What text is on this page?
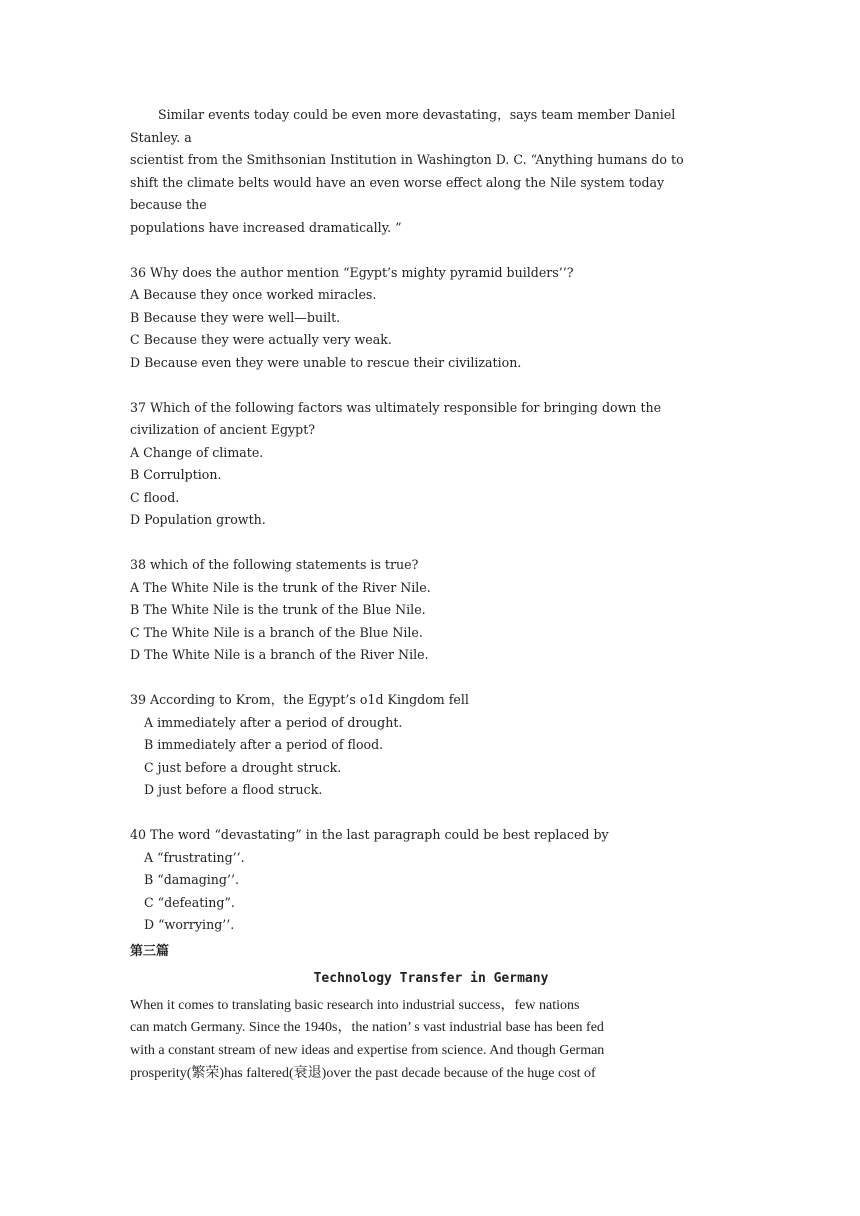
Similar events today could be even more devastating，says team member Daniel

Stanley. a

scientist from the Smithsonian Institution in Washington D. C. “Anything humans do to

shift the climate belts would have an even worse effect along the Nile system today

because the

populations have increased dramatically. ”

36 Why does the author mention “Egypt’s mighty pyramid builders’’?

A Because they once worked miracles.

B Because they were well—built.

C Because they were actually very weak.

D Because even they were unable to rescue their civilization.

37 Which of the following factors was ultimately responsible for bringing down the

civilization of ancient Egypt?

A Change of climate.

B Corrulption.

C flood.

D Population growth.

38 which of the following statements is true?

A The White Nile is the trunk of the River Nile.

B The White Nile is the trunk of the Blue Nile.

C The White Nile is a branch of the Blue Nile.

D The White Nile is a branch of the River Nile.

39 According to Krom，the Egypt’s o1d Kingdom fell

A immediately after a period of drought.

B immediately after a period of flood.

C just before a drought struck.

D just before a flood struck.

40 The word “devastating” in the last paragraph could be best replaced by

A “frustrating’’.

B “damaging’’.

C “defeating”.

D “worrying’’.

第三篇
Technology Transfer in Germany

When it comes to translating basic research into industrial success，few nations

can match Germany. Since the 1940s，the nation’ s vast industrial base has been fed

with a constant stream of new ideas and expertise from science. And though German

prosperity(繁荣)has faltered(衰退)over the past decade because of the huge cost of
